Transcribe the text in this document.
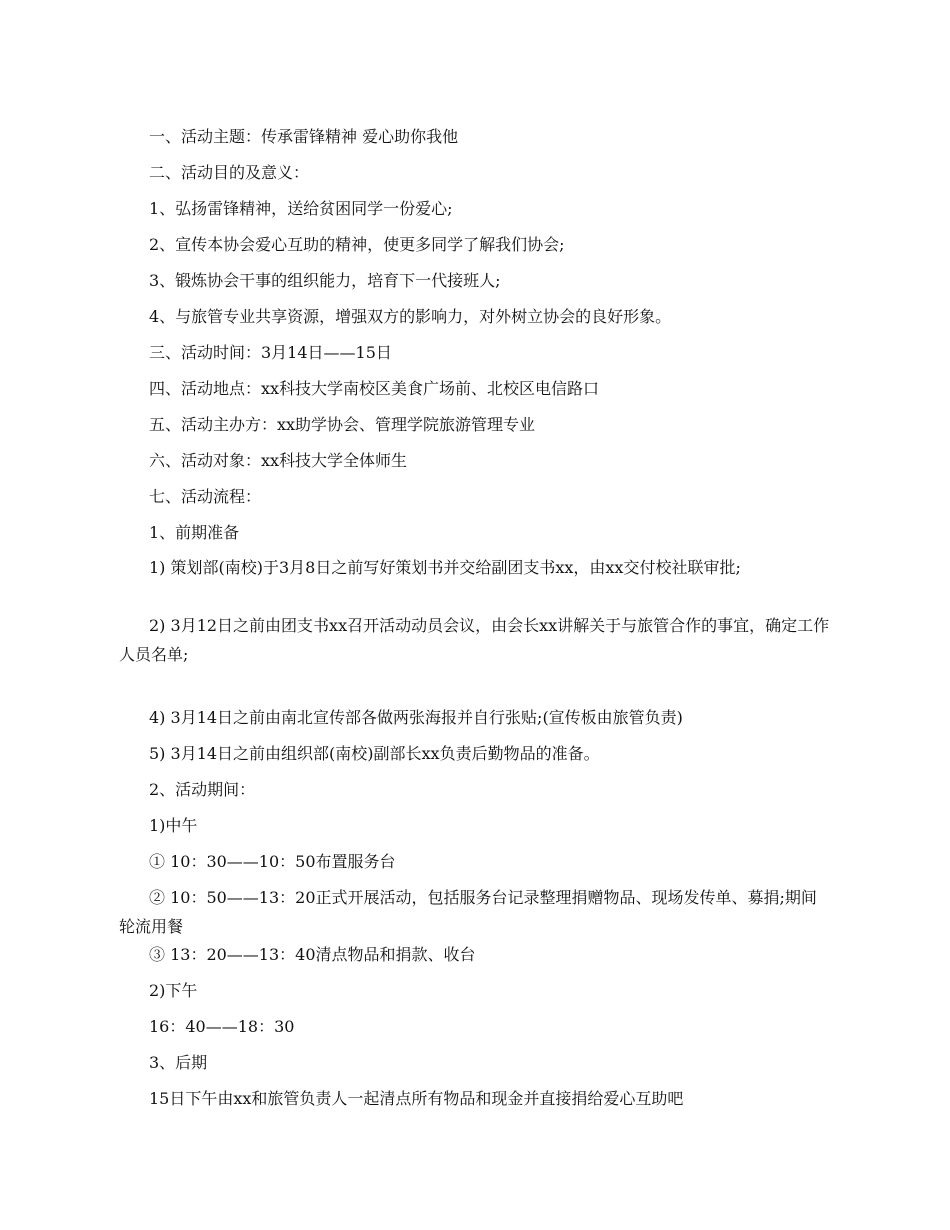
一、活动主题：传承雷锋精神 爱心助你我他
二、活动目的及意义：
1、弘扬雷锋精神，送给贫困同学一份爱心;
2、宣传本协会爱心互助的精神，使更多同学了解我们协会;
3、锻炼协会干事的组织能力，培育下一代接班人;
4、与旅管专业共享资源，增强双方的影响力，对外树立协会的良好形象。
三、活动时间：3月14日——15日
四、活动地点：xx科技大学南校区美食广场前、北校区电信路口
五、活动主办方：xx助学协会、管理学院旅游管理专业
六、活动对象：xx科技大学全体师生
七、活动流程：
1、前期准备
1) 策划部(南校)于3月8日之前写好策划书并交给副团支书xx，由xx交付校社联审批;
2) 3月12日之前由团支书xx召开活动动员会议，由会长xx讲解关于与旅管合作的事宜，确定工作人员名单;
4) 3月14日之前由南北宣传部各做两张海报并自行张贴;(宣传板由旅管负责)
5) 3月14日之前由组织部(南校)副部长xx负责后勤物品的准备。
2、活动期间：
1)中午
① 10：30——10：50布置服务台
② 10：50——13：20正式开展活动，包括服务台记录整理捐赠物品、现场发传单、募捐;期间轮流用餐
③ 13：20——13：40清点物品和捐款、收台
2)下午
16：40——18：30
3、后期
15日下午由xx和旅管负责人一起清点所有物品和现金并直接捐给爱心互助吧
